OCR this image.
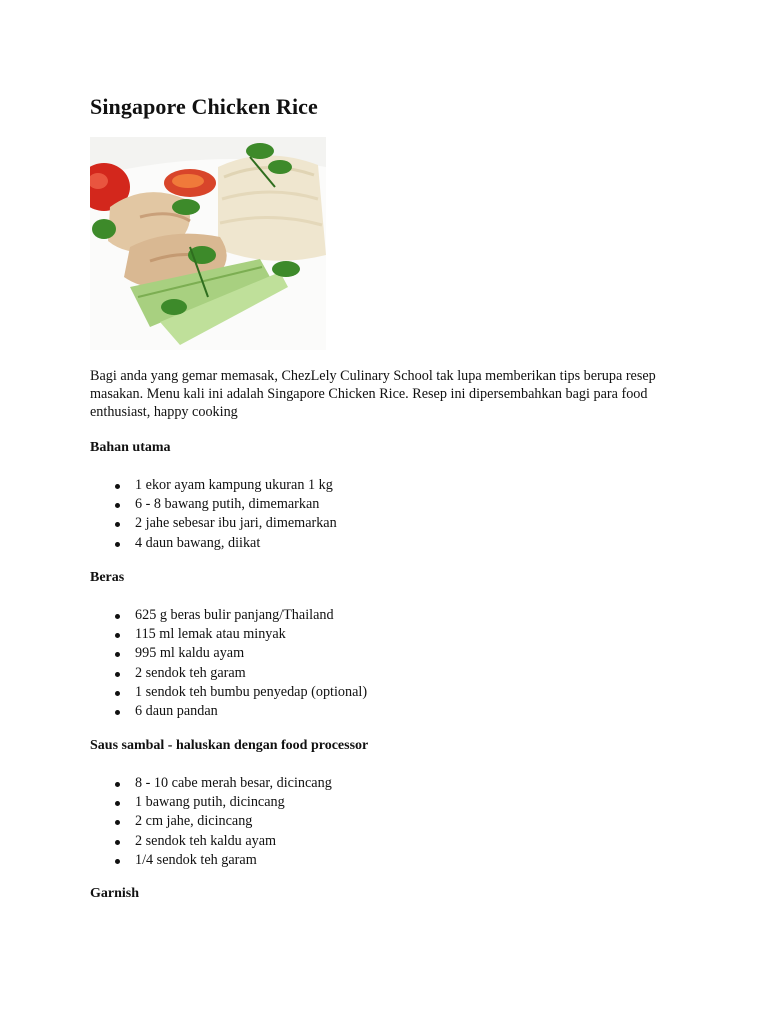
Singapore Chicken Rice

Bagi anda yang gemar memasak, ChezLely Culinary School tak lupa memberikan tips berupa resep masakan. Menu kali ini adalah Singapore Chicken Rice. Resep ini dipersembahkan bagi para food enthusiast, happy cooking

Bahan utama

1 ekor ayam kampung ukuran 1 kg
6 - 8 bawang putih, dimemarkan
2 jahe sebesar ibu jari, dimemarkan
4 daun bawang, diikat

Beras

625 g beras bulir panjang/Thailand
115 ml lemak atau minyak
995 ml kaldu ayam
2 sendok teh garam
1 sendok teh bumbu penyedap (optional)
6 daun pandan

Saus sambal - haluskan dengan food processor

8 - 10 cabe merah besar, dicincang
1 bawang putih, dicincang
2 cm jahe, dicincang
2 sendok teh kaldu ayam
1/4 sendok teh garam

Garnish
